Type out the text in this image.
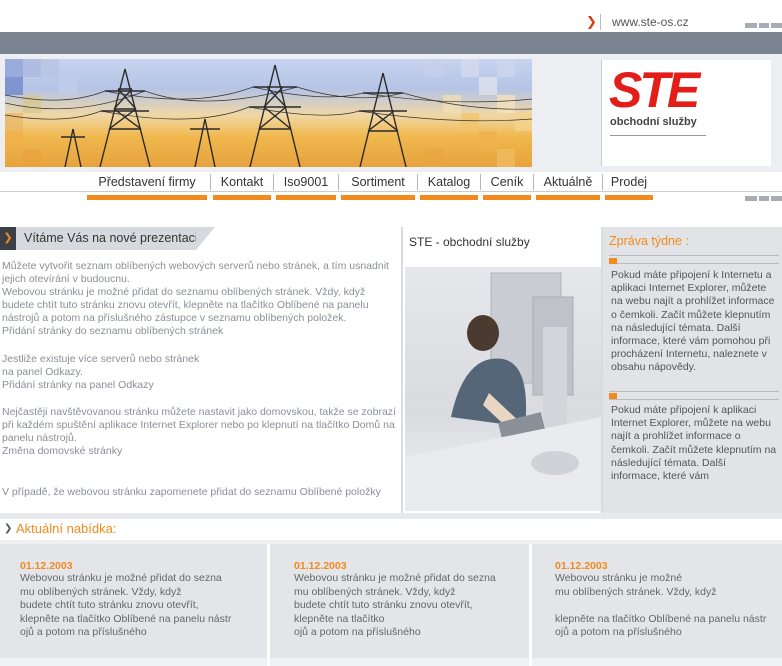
❯ www.ste-os.cz
STE
obchodní služby
Představení firmy	Kontakt	Iso9001	Sortiment	Katalog	Ceník	Aktuálně	Prodej
❯ Vítáme Vás na nové prezentaci
Můžete vytvořit seznam oblíbených webových serverů nebo stránek, a tím usnadnit jejich otevírání v budoucnu.
Webovou stránku je možné přidat do seznamu oblíbených stránek. Vždy, když budete chtít tuto stránku znovu otevřít, klepněte na tlačítko Oblíbené na panelu nástrojů a potom na příslušného zástupce v seznamu oblíbených položek.
Přidání stránky do seznamu oblíbených stránek
Jestliže existuje více serverů nebo stránek
na panel Odkazy.
Přidání stránky na panel Odkazy
Nejčastěji navštěvovanou stránku můžete nastavit jako domovskou, takže se zobrazí při každém spuštění aplikace Internet Explorer nebo po klepnutí na tlačítko Domů na panelu nástrojů.
Změna domovské stránky
V případě, že webovou stránku zapomenete přidat do seznamu Oblíbené položky
STE - obchodní služby	Zpráva týdne :
Pokud máte připojení k Internetu a aplikaci Internet Explorer, můžete na webu najít a prohlížet informace o čemkoli. Začít můžete klepnutím na následující témata. Další informace, které vám pomohou při procházení Internetu, naleznete v obsahu nápovědy.
Pokud máte připojení k aplikaci Internet Explorer, můžete na webu najít a prohlížet informace o čemkoli. Začít můžete klepnutím na následující témata. Další informace, které vám
❯ Aktuální nabídka:
01.12.2003
Webovou stránku je možné přidat do sezna
mu oblíbených stránek. Vždy, když
budete chtít tuto stránku znovu otevřít,
klepněte na tlačítko Oblíbené na panelu nástr
ojů a potom na příslušného
01.12.2003
Webovou stránku je možné přidat do sezna
mu oblíbených stránek. Vždy, když
budete chtít tuto stránku znovu otevřít,
klepněte na tlačítko
ojů a potom na příslušného
01.12.2003
Webovou stránku je možné
mu oblíbených stránek. Vždy, když

klepněte na tlačítko Oblíbené na panelu nástr
ojů a potom na příslušného
